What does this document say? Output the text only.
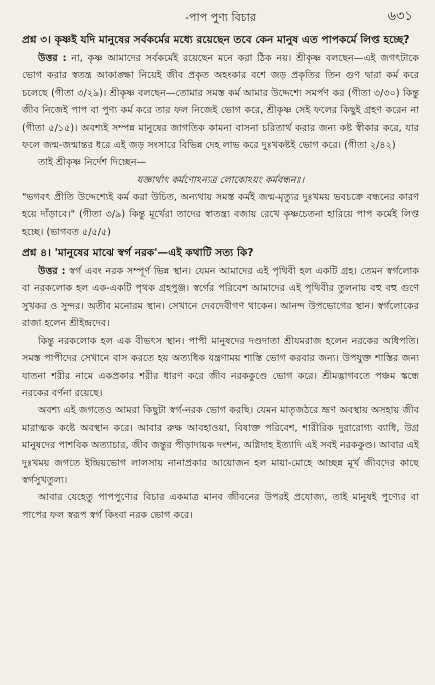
-পাপ পুণ্য বিচার	৬৩১

প্রশ্ন ৩। কৃষ্ণই যদি মানুষের সর্বকর্মের মধ্যে রয়েছেন তবে কেন মানুষ এত পাপকর্মে লিপ্ত হচ্ছে?

উত্তর : না, কৃষ্ণ আমাদের সর্বকর্মেই রয়েছেন মনে করা ঠিক নয়। শ্রীকৃষ্ণ বলছেন—এই জগৎটাকে ভোগ করার স্বতন্ত্র আকাঙ্ক্ষা নিয়েই জীব প্রকৃত অহংকার বশে জড় প্রকৃতির তিন গুণ দ্বারা কর্ম করে চলেছে (গীতা ৩/২৯)। শ্রীকৃষ্ণ বলছেন—তোমার সমস্ত কর্ম আমার উদ্দেশ্যে সমর্পণ কর (গীতা ৩/৩০) কিন্তু জীব নিজেই পাপ বা পুণ্য কর্ম করে তার ফল নিজেই ভোগ করে, শ্রীকৃষ্ণ সেই ফলের কিছুই গ্রহণ করেন না (গীতা ৫/১৫)। অবশ্যই সম্পন্ন মানুষের জাগতিক কামনা বাসনা চরিতার্থ করার জন্য কষ্ট স্বীকার করে, যার ফলে জন্ম-জন্মান্তর ধরে এই জড় সংসারে বিভিন্ন দেহ লাভ করে দুঃখকষ্টই ভোগ করে। (গীতা ২/৪২)

তাই শ্রীকৃষ্ণ নির্দেশ দিচ্ছেন—

যজ্ঞার্থাৎ কর্মণোঽন্যত্র লোকোঽয়ং কর্মবন্ধনঃ।

"ভগবৎ প্রীতি উদ্দেশ্যেই কর্ম করা উচিত, অন্যথায় সমস্ত কর্মই জন্ম-মৃত্যুর দুঃখময় ভবচক্রে বন্ধনের কারণ হয়ে দাঁড়াবে।" (গীতা ৩/৯) কিন্তু মূর্খেরা তাদের স্বাতন্ত্র্য বজায় রেখে কৃষ্ণচেতনা হারিয়ে পাপ কর্মেই লিপ্ত হচ্ছে। (ভাগবত ৫/৫/৫)

প্রশ্ন ৪। 'মানুষের মাঝে স্বর্গ নরক'—এই কথাটি সত্য কি?

উত্তর : স্বর্গ এবং নরক সম্পূর্ণ ভিন্ন স্থান। যেমন আমাদের এই পৃথিবী হল একটি গ্রহ। তেমন স্বর্গলোক বা নরকলোক হল এক-একটি পৃথক গ্রহপুঞ্জ। স্বর্গের পরিবেশ আমাদের এই পৃথিবীর তুলনায় বহু বহু গুণে সুখকর ও সুন্দর। অতীব মনোরম স্থান। সেখানে দেবদেবীগণ থাকেন। আনন্দ উপভোগের স্থান। স্বর্গলোকের রাজা হলেন শ্রীইন্দ্রদেব।

কিন্তু নরকলোক হল এক বীভৎস স্থান। পাপী মানুষদের দণ্ডদাতা শ্রীযমরাজ হলেন নরকের অধিপতি। সমস্ত পাপীদের সেখানে বাস করতে হয় অত্যধিক যন্ত্রণাময় শাস্তি ভোগ করবার জন্য। উপযুক্ত শাস্তির জন্য যাতনা শরীর নামে একপ্রকার শরীর ধারণ করে জীব নরককুণ্ডে ভোগ করে। শ্রীমদ্ভাগবতে পঞ্চম স্কন্ধে নরকের বর্ণনা রয়েছে।

অবশ্য এই জগতেও আমরা কিছুটা স্বর্গ-নরক ভোগ করছি। যেমন মাতৃজঠরে ভ্রূণ অবস্থায় অসহায় জীব মারাত্মক কষ্টে অবস্থান করে। আবার রুক্ষ আবহাওয়া, বিষাক্ত পরিবেশ, শারীরিক দুরারোগ্য ব্যাধি, উগ্র মানুষদের পাশবিক অত্যাচার, জীব জন্তুর পীড়াদায়ক দংশন, অগ্নিদাহ ইত্যাদি এই সবই নরককুণ্ড। আবার এই দুঃখময় জগতে ইন্দ্রিয়ভোগ লালসায় নানাপ্রকার আয়োজন হল মায়া-মোহে আচ্ছন্ন মূর্খ জীবদের কাছে স্বর্গসুখতুল্য।

আবার যেহেতু পাপপুণ্যের বিচার একমাত্র মানব জীবনের উপরই প্রযোজ্য, তাই মানুষই পুণ্যের বা পাপের ফল স্বরূপ স্বর্গ কিংবা নরক ভোগ করে।
